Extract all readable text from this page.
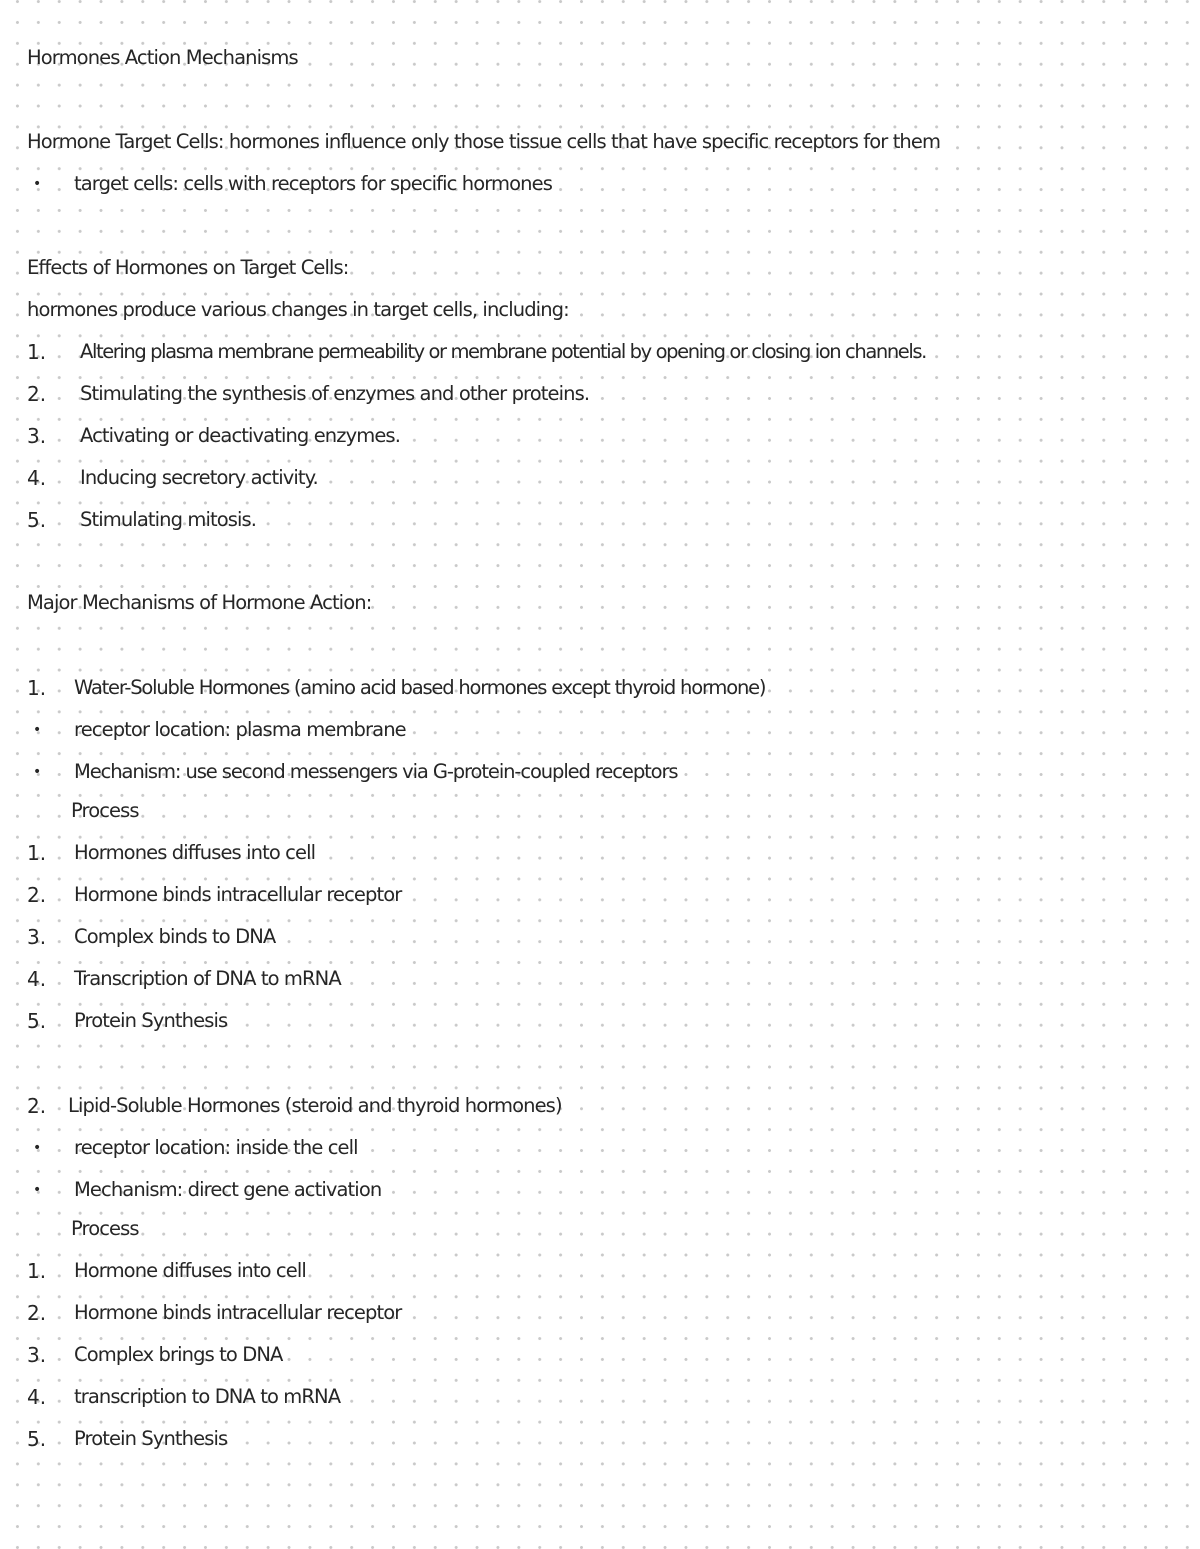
Hormones Action Mechanisms
Hormone Target Cells: hormones influence only those tissue cells that have specific receptors for them
• target cells: cells with receptors for specific hormones
Effects of Hormones on Target Cells:
hormones produce various changes in target cells, including:
1. Altering plasma membrane permeability or membrane potential by opening or closing ion channels.
2. Stimulating the synthesis of enzymes and other proteins.
3. Activating or deactivating enzymes.
4. Inducing secretory activity.
5. Stimulating mitosis.
Major Mechanisms of Hormone Action:
1. Water-Soluble Hormones (amino acid based hormones except thyroid hormone)
• receptor location: plasma membrane
• Mechanism: use second messengers via G-protein-coupled receptors
Process
1. Hormones diffuses into cell
2. Hormone binds intracellular receptor
3. Complex binds to DNA
4. Transcription of DNA to mRNA
5. Protein Synthesis
2. Lipid-Soluble Hormones (steroid and thyroid hormones)
• receptor location: inside the cell
• Mechanism: direct gene activation
Process
1. Hormone diffuses into cell
2. Hormone binds intracellular receptor
3. Complex brings to DNA
4. transcription to DNA to mRNA
5. Protein Synthesis
